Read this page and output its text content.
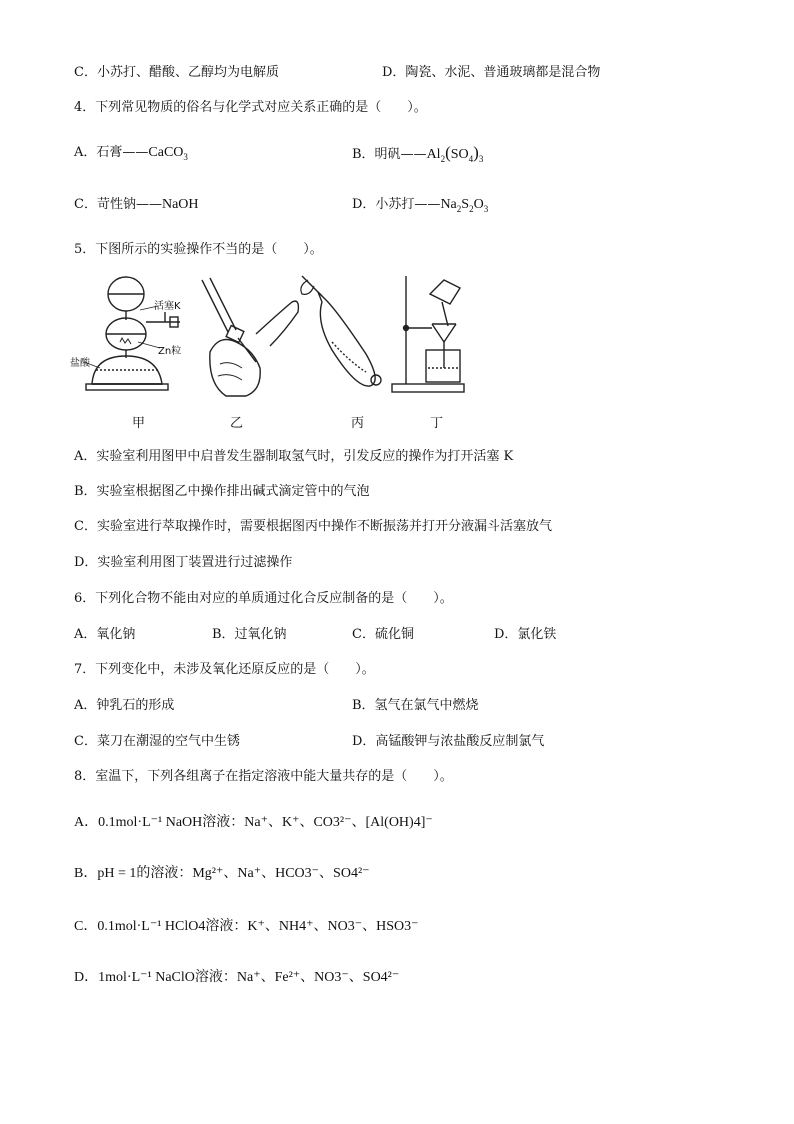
C．小苏打、醋酸、乙醇均为电解质	D．陶瓷、水泥、普通玻璃都是混合物
4．下列常见物质的俗名与化学式对应关系正确的是（　　）。
A．石膏——CaCO$_3$	B．明矾$——Al_2(SO_4)_3$
C．苛性钠——NaOH	D．小苏打$——Na_2S_2O_3$
5．下图所示的实验操作不当的是（　　）。
活塞K
Zn粒
盐酸
甲	乙	丙	丁
A．实验室利用图甲中启普发生器制取氢气时，引发反应的操作为打开活塞 K
B．实验室根据图乙中操作排出碱式滴定管中的气泡
C．实验室进行萃取操作时，需要根据图丙中操作不断振荡并打开分液漏斗活塞放气
D．实验室利用图丁装置进行过滤操作
6．下列化合物不能由对应的单质通过化合反应制备的是（　　）。
A．氧化钠	B．过氧化钠	C．硫化铜	D．氯化铁
7．下列变化中，未涉及氧化还原反应的是（　　）。
A．钟乳石的形成	B．氢气在氯气中燃烧
C．菜刀在潮湿的空气中生锈	D．高锰酸钾与浓盐酸反应制氯气
8．室温下，下列各组离子在指定溶液中能大量共存的是（　　）。
A．0.1mol·L⁻¹ NaOH溶液：Na⁺、K⁺、CO3²⁻、[Al(OH)4]⁻
B．pH = 1的溶液：Mg²⁺、Na⁺、HCO3⁻、SO4²⁻
C．0.1mol·L⁻¹ HClO4溶液：K⁺、NH4⁺、NO3⁻、HSO3⁻
D．1mol·L⁻¹ NaClO溶液：Na⁺、Fe²⁺、NO3⁻、SO4²⁻
